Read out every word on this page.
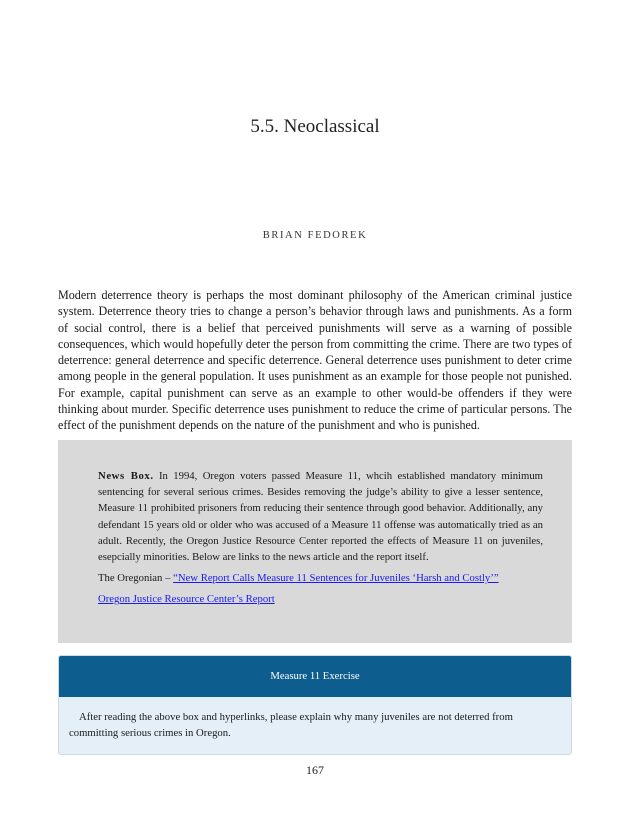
5.5. Neoclassical
BRIAN FEDOREK

Modern deterrence theory is perhaps the most dominant philosophy of the American criminal justice system. Deterrence theory tries to change a person’s behavior through laws and punishments. As a form of social control, there is a belief that perceived punishments will serve as a warning of possible consequences, which would hopefully deter the person from committing the crime. There are two types of deterrence: general deterrence and specific deterrence. General deterrence uses punishment to deter crime among people in the general population. It uses punishment as an example for those people not punished. For example, capital punishment can serve as an example to other would-be offenders if they were thinking about murder. Specific deterrence uses punishment to reduce the crime of particular persons. The effect of the punishment depends on the nature of the punishment and who is punished.

News Box. In 1994, Oregon voters passed Measure 11, whcih established mandatory minimum sentencing for several serious crimes. Besides removing the judge’s ability to give a lesser sentence, Measure 11 prohibited prisoners from reducing their sentence through good behavior. Additionally, any defendant 15 years old or older who was accused of a Measure 11 offense was automatically tried as an adult. Recently, the Oregon Justice Resource Center reported the effects of Measure 11 on juveniles, esepcially minorities. Below are links to the news article and the report itself.

The Oregonian – “New Report Calls Measure 11 Sentences for Juveniles ‘Harsh and Costly’”

Oregon Justice Resource Center’s Report

Measure 11 Exercise

After reading the above box and hyperlinks, please explain why many juveniles are not deterred from committing serious crimes in Oregon.

167
